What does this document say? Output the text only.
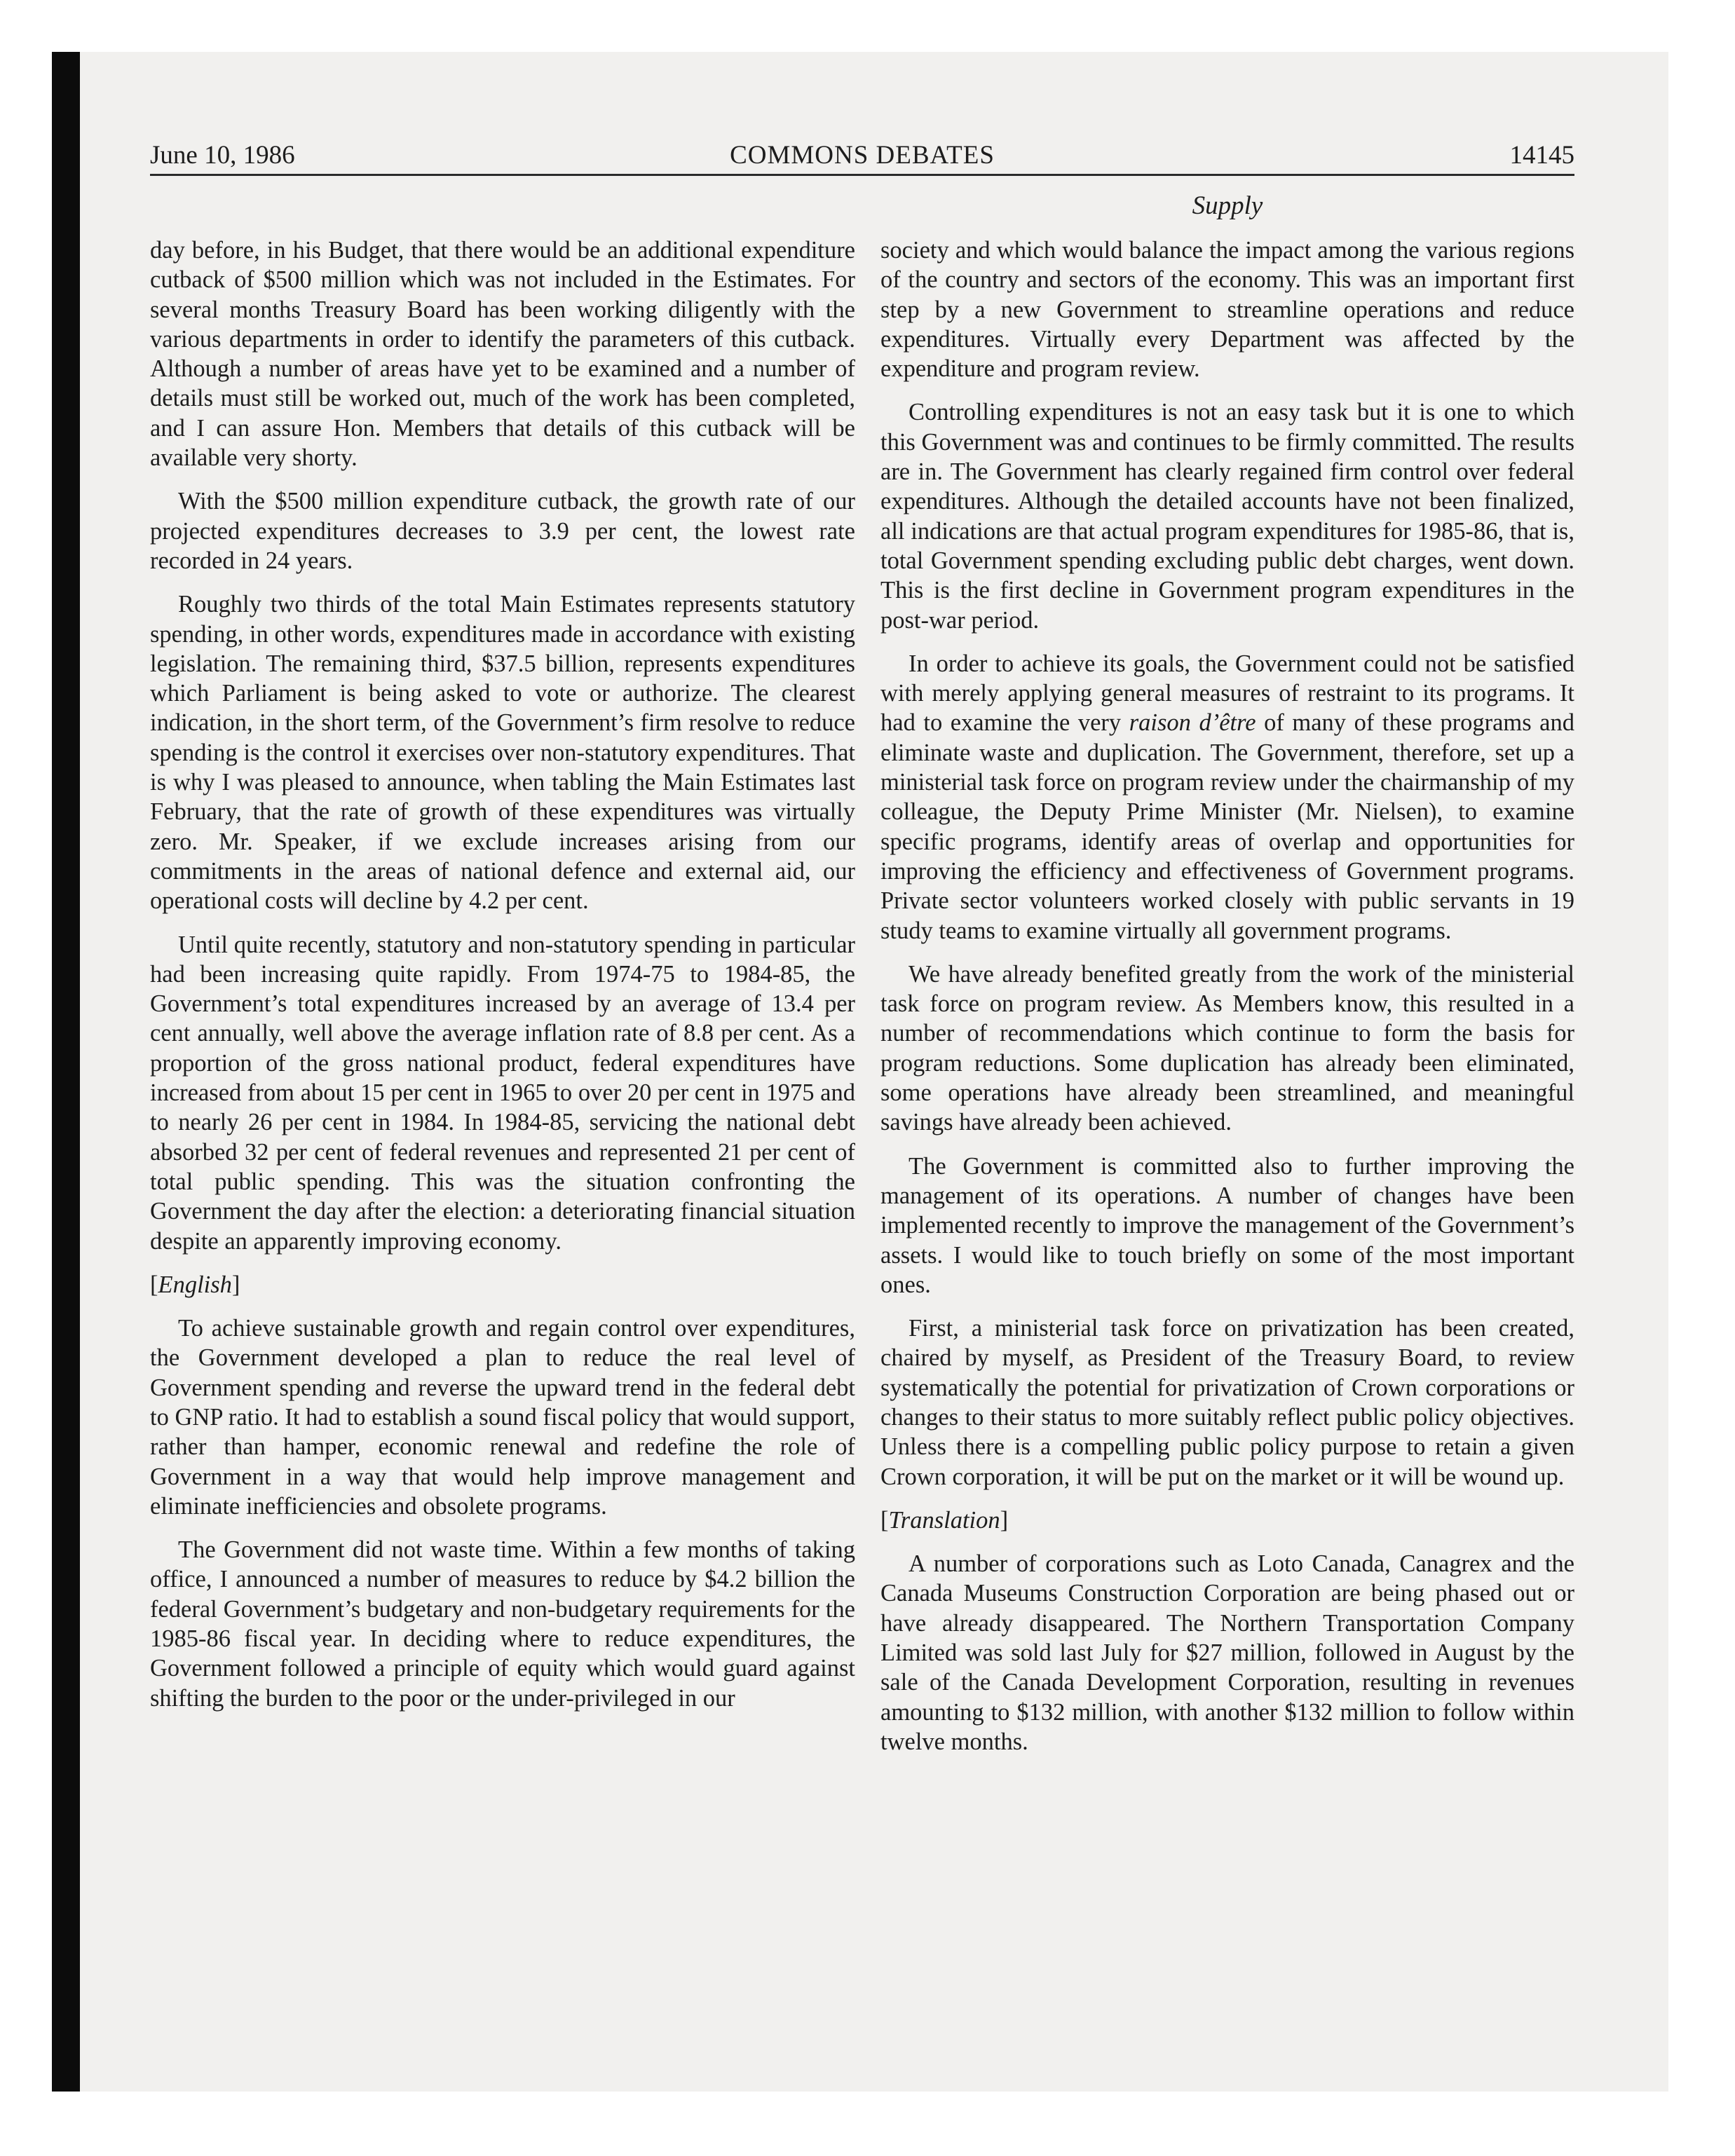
June 10, 1986	COMMONS DEBATES	14145
Supply

day before, in his Budget, that there would be an additional expenditure cutback of $500 million which was not included in the Estimates. For several months Treasury Board has been working diligently with the various departments in order to identify the parameters of this cutback. Although a number of areas have yet to be examined and a number of details must still be worked out, much of the work has been completed, and I can assure Hon. Members that details of this cutback will be available very shorty.

With the $500 million expenditure cutback, the growth rate of our projected expenditures decreases to 3.9 per cent, the lowest rate recorded in 24 years.

Roughly two thirds of the total Main Estimates represents statutory spending, in other words, expenditures made in accordance with existing legislation. The remaining third, $37.5 billion, represents expenditures which Parliament is being asked to vote or authorize. The clearest indication, in the short term, of the Government’s firm resolve to reduce spending is the control it exercises over non-statutory expenditures. That is why I was pleased to announce, when tabling the Main Estimates last February, that the rate of growth of these expenditures was virtually zero. Mr. Speaker, if we exclude increases arising from our commitments in the areas of national defence and external aid, our operational costs will decline by 4.2 per cent.

Until quite recently, statutory and non-statutory spending in particular had been increasing quite rapidly. From 1974-75 to 1984-85, the Government’s total expenditures increased by an average of 13.4 per cent annually, well above the average inflation rate of 8.8 per cent. As a proportion of the gross national product, federal expenditures have increased from about 15 per cent in 1965 to over 20 per cent in 1975 and to nearly 26 per cent in 1984. In 1984-85, servicing the national debt absorbed 32 per cent of federal revenues and represented 21 per cent of total public spending. This was the situation confronting the Government the day after the election: a deteriorating financial situation despite an apparently improving economy.

[English]

To achieve sustainable growth and regain control over expenditures, the Government developed a plan to reduce the real level of Government spending and reverse the upward trend in the federal debt to GNP ratio. It had to establish a sound fiscal policy that would support, rather than hamper, economic renewal and redefine the role of Government in a way that would help improve management and eliminate inefficiencies and obsolete programs.

The Government did not waste time. Within a few months of taking office, I announced a number of measures to reduce by $4.2 billion the federal Government’s budgetary and non-budgetary requirements for the 1985-86 fiscal year. In deciding where to reduce expenditures, the Government followed a principle of equity which would guard against shifting the burden to the poor or the under-privileged in our

society and which would balance the impact among the various regions of the country and sectors of the economy. This was an important first step by a new Government to streamline operations and reduce expenditures. Virtually every Department was affected by the expenditure and program review.

Controlling expenditures is not an easy task but it is one to which this Government was and continues to be firmly committed. The results are in. The Government has clearly regained firm control over federal expenditures. Although the detailed accounts have not been finalized, all indications are that actual program expenditures for 1985-86, that is, total Government spending excluding public debt charges, went down. This is the first decline in Government program expenditures in the post-war period.

In order to achieve its goals, the Government could not be satisfied with merely applying general measures of restraint to its programs. It had to examine the very raison d’être of many of these programs and eliminate waste and duplication. The Government, therefore, set up a ministerial task force on program review under the chairmanship of my colleague, the Deputy Prime Minister (Mr. Nielsen), to examine specific programs, identify areas of overlap and opportunities for improving the efficiency and effectiveness of Government programs. Private sector volunteers worked closely with public servants in 19 study teams to examine virtually all government programs.

We have already benefited greatly from the work of the ministerial task force on program review. As Members know, this resulted in a number of recommendations which continue to form the basis for program reductions. Some duplication has already been eliminated, some operations have already been streamlined, and meaningful savings have already been achieved.

The Government is committed also to further improving the management of its operations. A number of changes have been implemented recently to improve the management of the Government’s assets. I would like to touch briefly on some of the most important ones.

First, a ministerial task force on privatization has been created, chaired by myself, as President of the Treasury Board, to review systematically the potential for privatization of Crown corporations or changes to their status to more suitably reflect public policy objectives. Unless there is a compelling public policy purpose to retain a given Crown corporation, it will be put on the market or it will be wound up.

[Translation]

A number of corporations such as Loto Canada, Canagrex and the Canada Museums Construction Corporation are being phased out or have already disappeared. The Northern Transportation Company Limited was sold last July for $27 million, followed in August by the sale of the Canada Development Corporation, resulting in revenues amounting to $132 million, with another $132 million to follow within twelve months.
